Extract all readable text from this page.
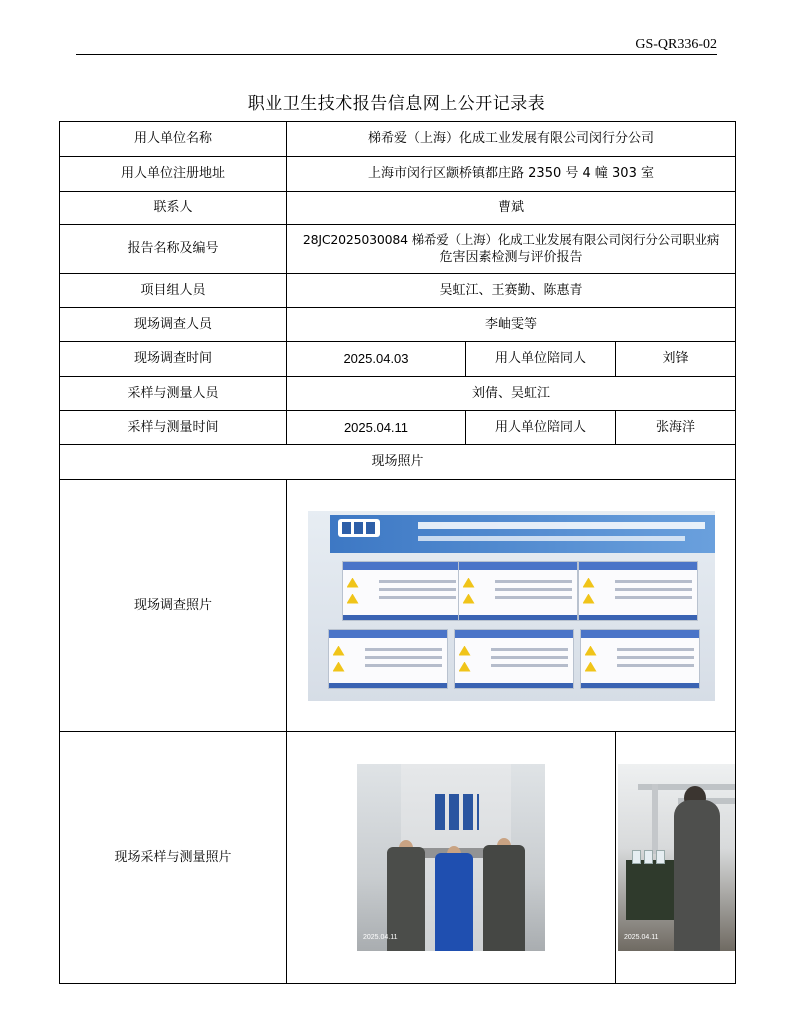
GS-QR336-02
职业卫生技术报告信息网上公开记录表
用人单位名称	梯希爱（上海）化成工业发展有限公司闵行分公司		
用人单位注册地址	上海市闵行区颛桥镇都庄路 2350 号 4 幢 303 室		
联系人	曹斌		
报告名称及编号	28JC2025030084 梯希爱（上海）化成工业发展有限公司闵行分公司职业病
危害因素检测与评价报告		

项目组人员	吴虹江、王赛勤、陈惠青		
现场调查人员	李岫雯等		
现场调查时间	2025.04.03	用人单位陪同人	刘锋
采样与测量人员	刘倩、吴虹江		
采样与测量时间	2025.04.11	用人单位陪同人	张海洋
现场照片			
现场调查照片			

现场采样与测量照片	2025.04.11		2025.04.11
